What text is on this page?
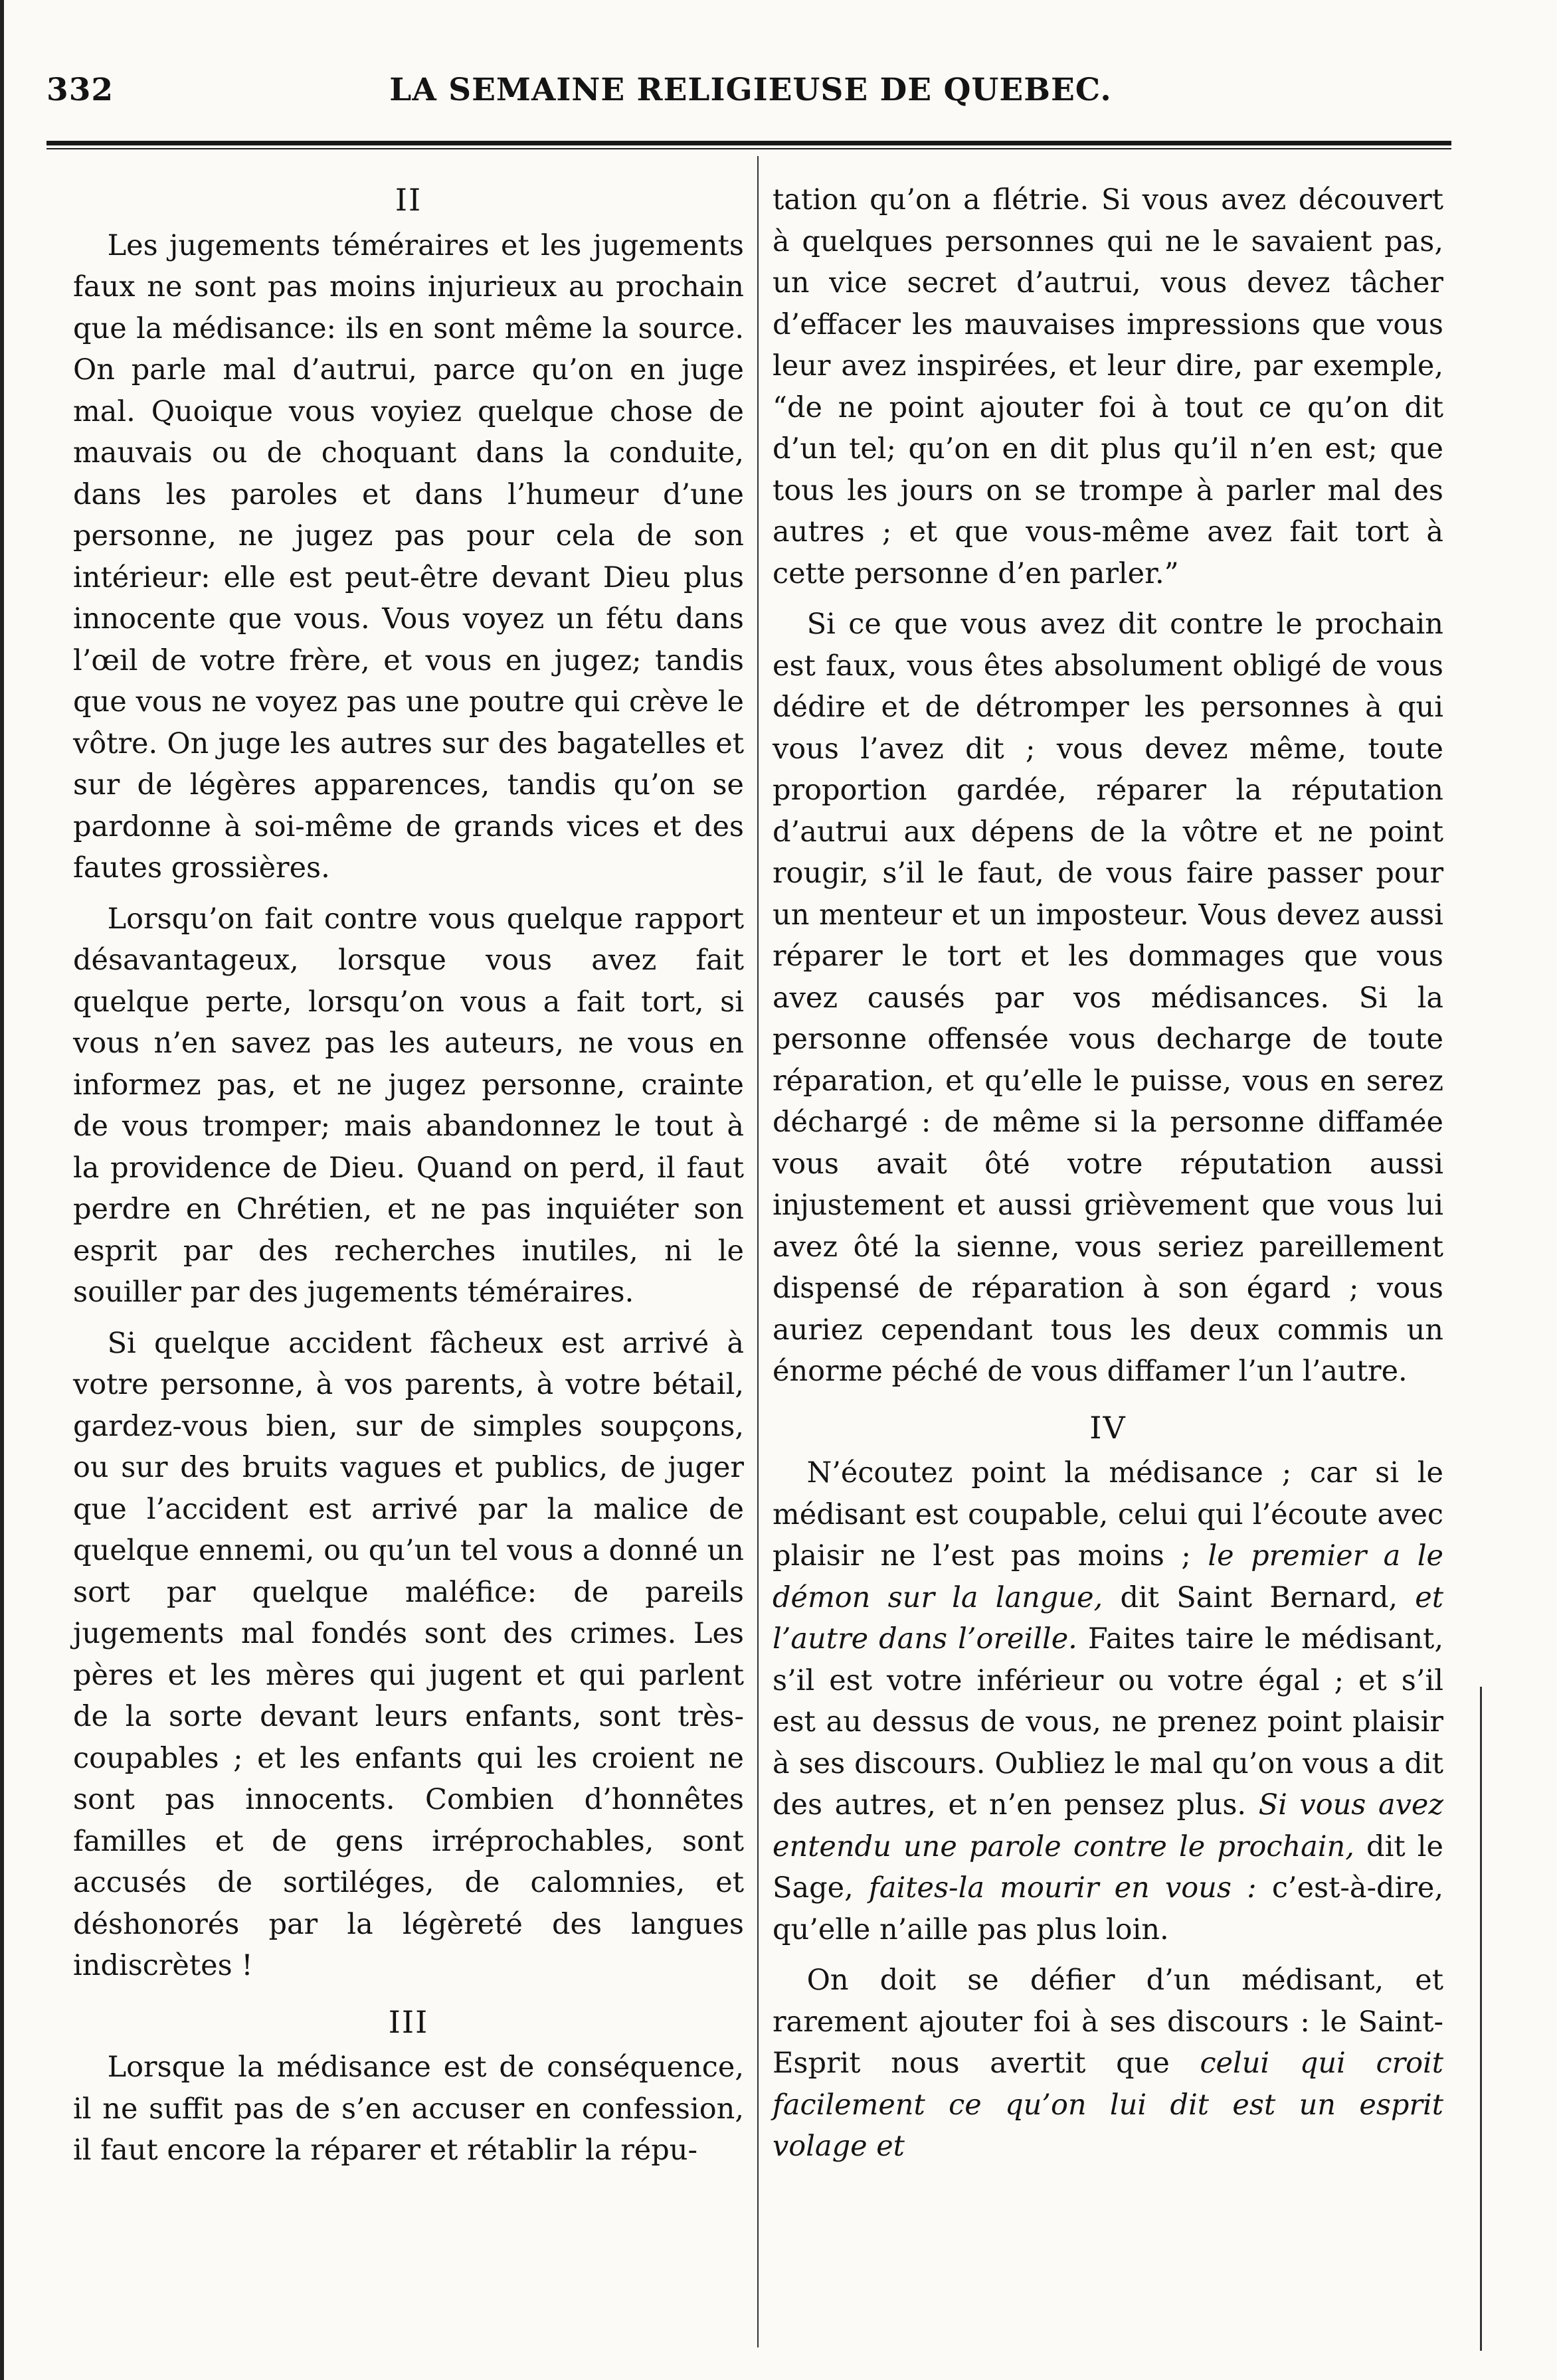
332	LA SEMAINE RELIGIEUSE DE QUEBEC.
II

Les jugements téméraires et les jugements faux ne sont pas moins injurieux au prochain que la médisance: ils en sont même la source. On parle mal d’autrui, parce qu’on en juge mal. Quoique vous voyiez quelque chose de mauvais ou de choquant dans la conduite, dans les paroles et dans l’humeur d’une personne, ne jugez pas pour cela de son intérieur: elle est peut-être devant Dieu plus innocente que vous. Vous voyez un fétu dans l’œil de votre frère, et vous en jugez; tandis que vous ne voyez pas une poutre qui crève le vôtre. On juge les autres sur des bagatelles et sur de légères apparences, tandis qu’on se pardonne à soi-même de grands vices et des fautes grossières.

Lorsqu’on fait contre vous quelque rapport désavantageux, lorsque vous avez fait quelque perte, lorsqu’on vous a fait tort, si vous n’en savez pas les auteurs, ne vous en informez pas, et ne jugez personne, crainte de vous tromper; mais abandonnez le tout à la providence de Dieu. Quand on perd, il faut perdre en Chrétien, et ne pas inquiéter son esprit par des recherches inutiles, ni le souiller par des jugements téméraires.

Si quelque accident fâcheux est arrivé à votre personne, à vos parents, à votre bétail, gardez-vous bien, sur de simples soupçons, ou sur des bruits vagues et publics, de juger que l’accident est arrivé par la malice de quelque ennemi, ou qu’un tel vous a donné un sort par quelque maléfice: de pareils jugements mal fondés sont des crimes. Les pères et les mères qui jugent et qui parlent de la sorte devant leurs enfants, sont très-coupables ; et les enfants qui les croient ne sont pas innocents. Combien d’honnêtes familles et de gens irréprochables, sont accusés de sortiléges, de calomnies, et déshonorés par la légèreté des langues indiscrètes !

III

Lorsque la médisance est de conséquence, il ne suffit pas de s’en accuser en confession, il faut encore la réparer et rétablir la répu-

tation qu’on a flétrie. Si vous avez découvert à quelques personnes qui ne le savaient pas, un vice secret d’autrui, vous devez tâcher d’effacer les mauvaises impressions que vous leur avez inspirées, et leur dire, par exemple, “de ne point ajouter foi à tout ce qu’on dit d’un tel; qu’on en dit plus qu’il n’en est; que tous les jours on se trompe à parler mal des autres ; et que vous-même avez fait tort à cette personne d’en parler.”

Si ce que vous avez dit contre le prochain est faux, vous êtes absolument obligé de vous dédire et de détromper les personnes à qui vous l’avez dit ; vous devez même, toute proportion gardée, réparer la réputation d’autrui aux dépens de la vôtre et ne point rougir, s’il le faut, de vous faire passer pour un menteur et un imposteur. Vous devez aussi réparer le tort et les dommages que vous avez causés par vos médisances. Si la personne offensée vous decharge de toute réparation, et qu’elle le puisse, vous en serez déchargé : de même si la personne diffamée vous avait ôté votre réputation aussi injustement et aussi grièvement que vous lui avez ôté la sienne, vous seriez pareillement dispensé de réparation à son égard ; vous auriez cependant tous les deux commis un énorme péché de vous diffamer l’un l’autre.

IV

N’écoutez point la médisance ; car si le médisant est coupable, celui qui l’écoute avec plaisir ne l’est pas moins ; le premier a le démon sur la langue, dit Saint Bernard, et l’autre dans l’oreille. Faites taire le médisant, s’il est votre inférieur ou votre égal ; et s’il est au dessus de vous, ne prenez point plaisir à ses discours. Oubliez le mal qu’on vous a dit des autres, et n’en pensez plus. Si vous avez entendu une parole contre le prochain, dit le Sage, faites-la mourir en vous : c’est-à-dire, qu’elle n’aille pas plus loin.

On doit se défier d’un médisant, et rarement ajouter foi à ses discours : le Saint-Esprit nous avertit que celui qui croit facilement ce qu’on lui dit est un esprit volage et
